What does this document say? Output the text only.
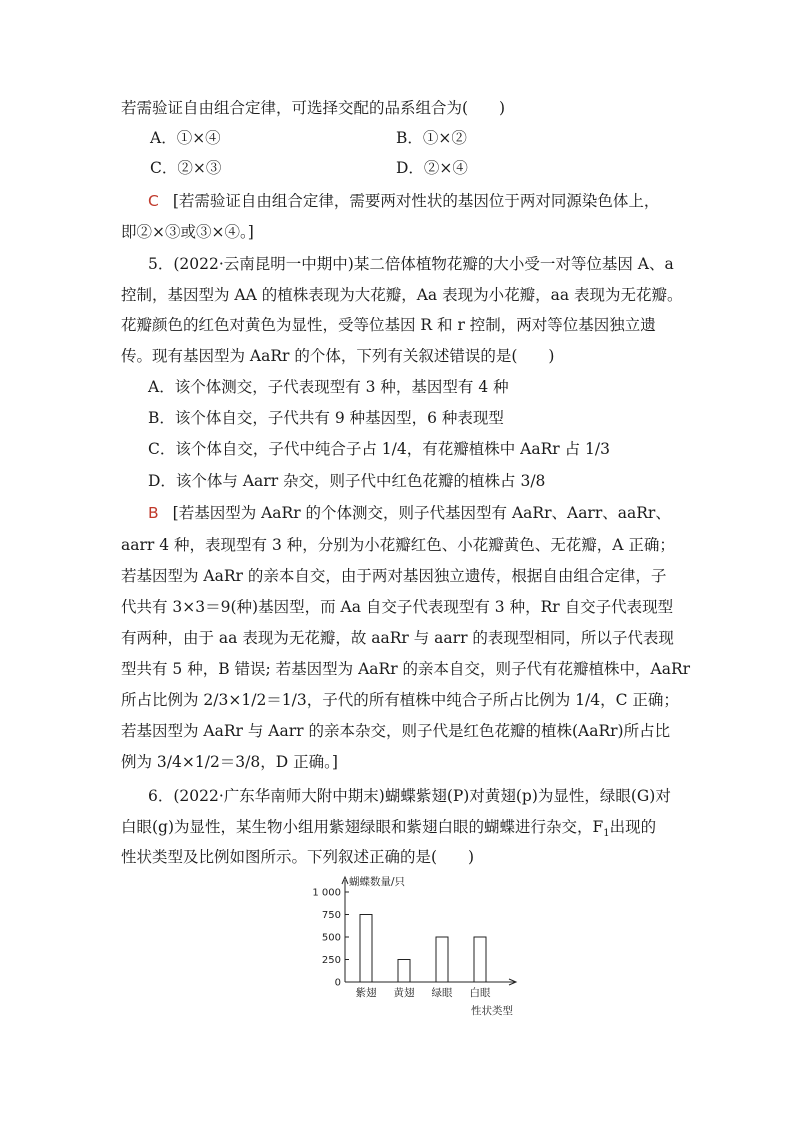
若需验证自由组合定律，可选择交配的品系组合为(　　)
A．①×④	B．①×②
C．②×③	D．②×④
C [若需验证自由组合定律，需要两对性状的基因位于两对同源染色体上，
即②×③或③×④。]
5．(2022·云南昆明一中期中)某二倍体植物花瓣的大小受一对等位基因 A、a
控制，基因型为 AA 的植株表现为大花瓣，Aa 表现为小花瓣，aa 表现为无花瓣。
花瓣颜色的红色对黄色为显性，受等位基因 R 和 r 控制，两对等位基因独立遗
传。现有基因型为 AaRr 的个体，下列有关叙述错误的是(　　)
A．该个体测交，子代表现型有 3 种，基因型有 4 种
B．该个体自交，子代共有 9 种基因型，6 种表现型
C．该个体自交，子代中纯合子占 1/4，有花瓣植株中 AaRr 占 1/3
D．该个体与 Aarr 杂交，则子代中红色花瓣的植株占 3/8
B [若基因型为 AaRr 的个体测交，则子代基因型有 AaRr、Aarr、aaRr、
aarr 4 种，表现型有 3 种，分别为小花瓣红色、小花瓣黄色、无花瓣，A 正确；
若基因型为 AaRr 的亲本自交，由于两对基因独立遗传，根据自由组合定律，子
代共有 3×3＝9(种)基因型，而 Aa 自交子代表现型有 3 种，Rr 自交子代表现型
有两种，由于 aa 表现为无花瓣，故 aaRr 与 aarr 的表现型相同，所以子代表现
型共有 5 种，B 错误; 若基因型为 AaRr 的亲本自交，则子代有花瓣植株中，AaRr
所占比例为 2/3×1/2＝1/3，子代的所有植株中纯合子所占比例为 1/4，C 正确；
若基因型为 AaRr 与 Aarr 的亲本杂交，则子代是红色花瓣的植株(AaRr)所占比
例为 3/4×1/2＝3/8，D 正确。]
6．(2022·广东华南师大附中期末)蝴蝶紫翅(P)对黄翅(p)为显性，绿眼(G)对
白眼(g)为显性，某生物小组用紫翅绿眼和紫翅白眼的蝴蝶进行杂交，$F_1$出现的
性状类型及比例如图所示。下列叙述正确的是(　　)
0
250
500
750
1 000
蝴蝶数量/只
紫翅 黄翅 绿眼 白眼
性状类型
